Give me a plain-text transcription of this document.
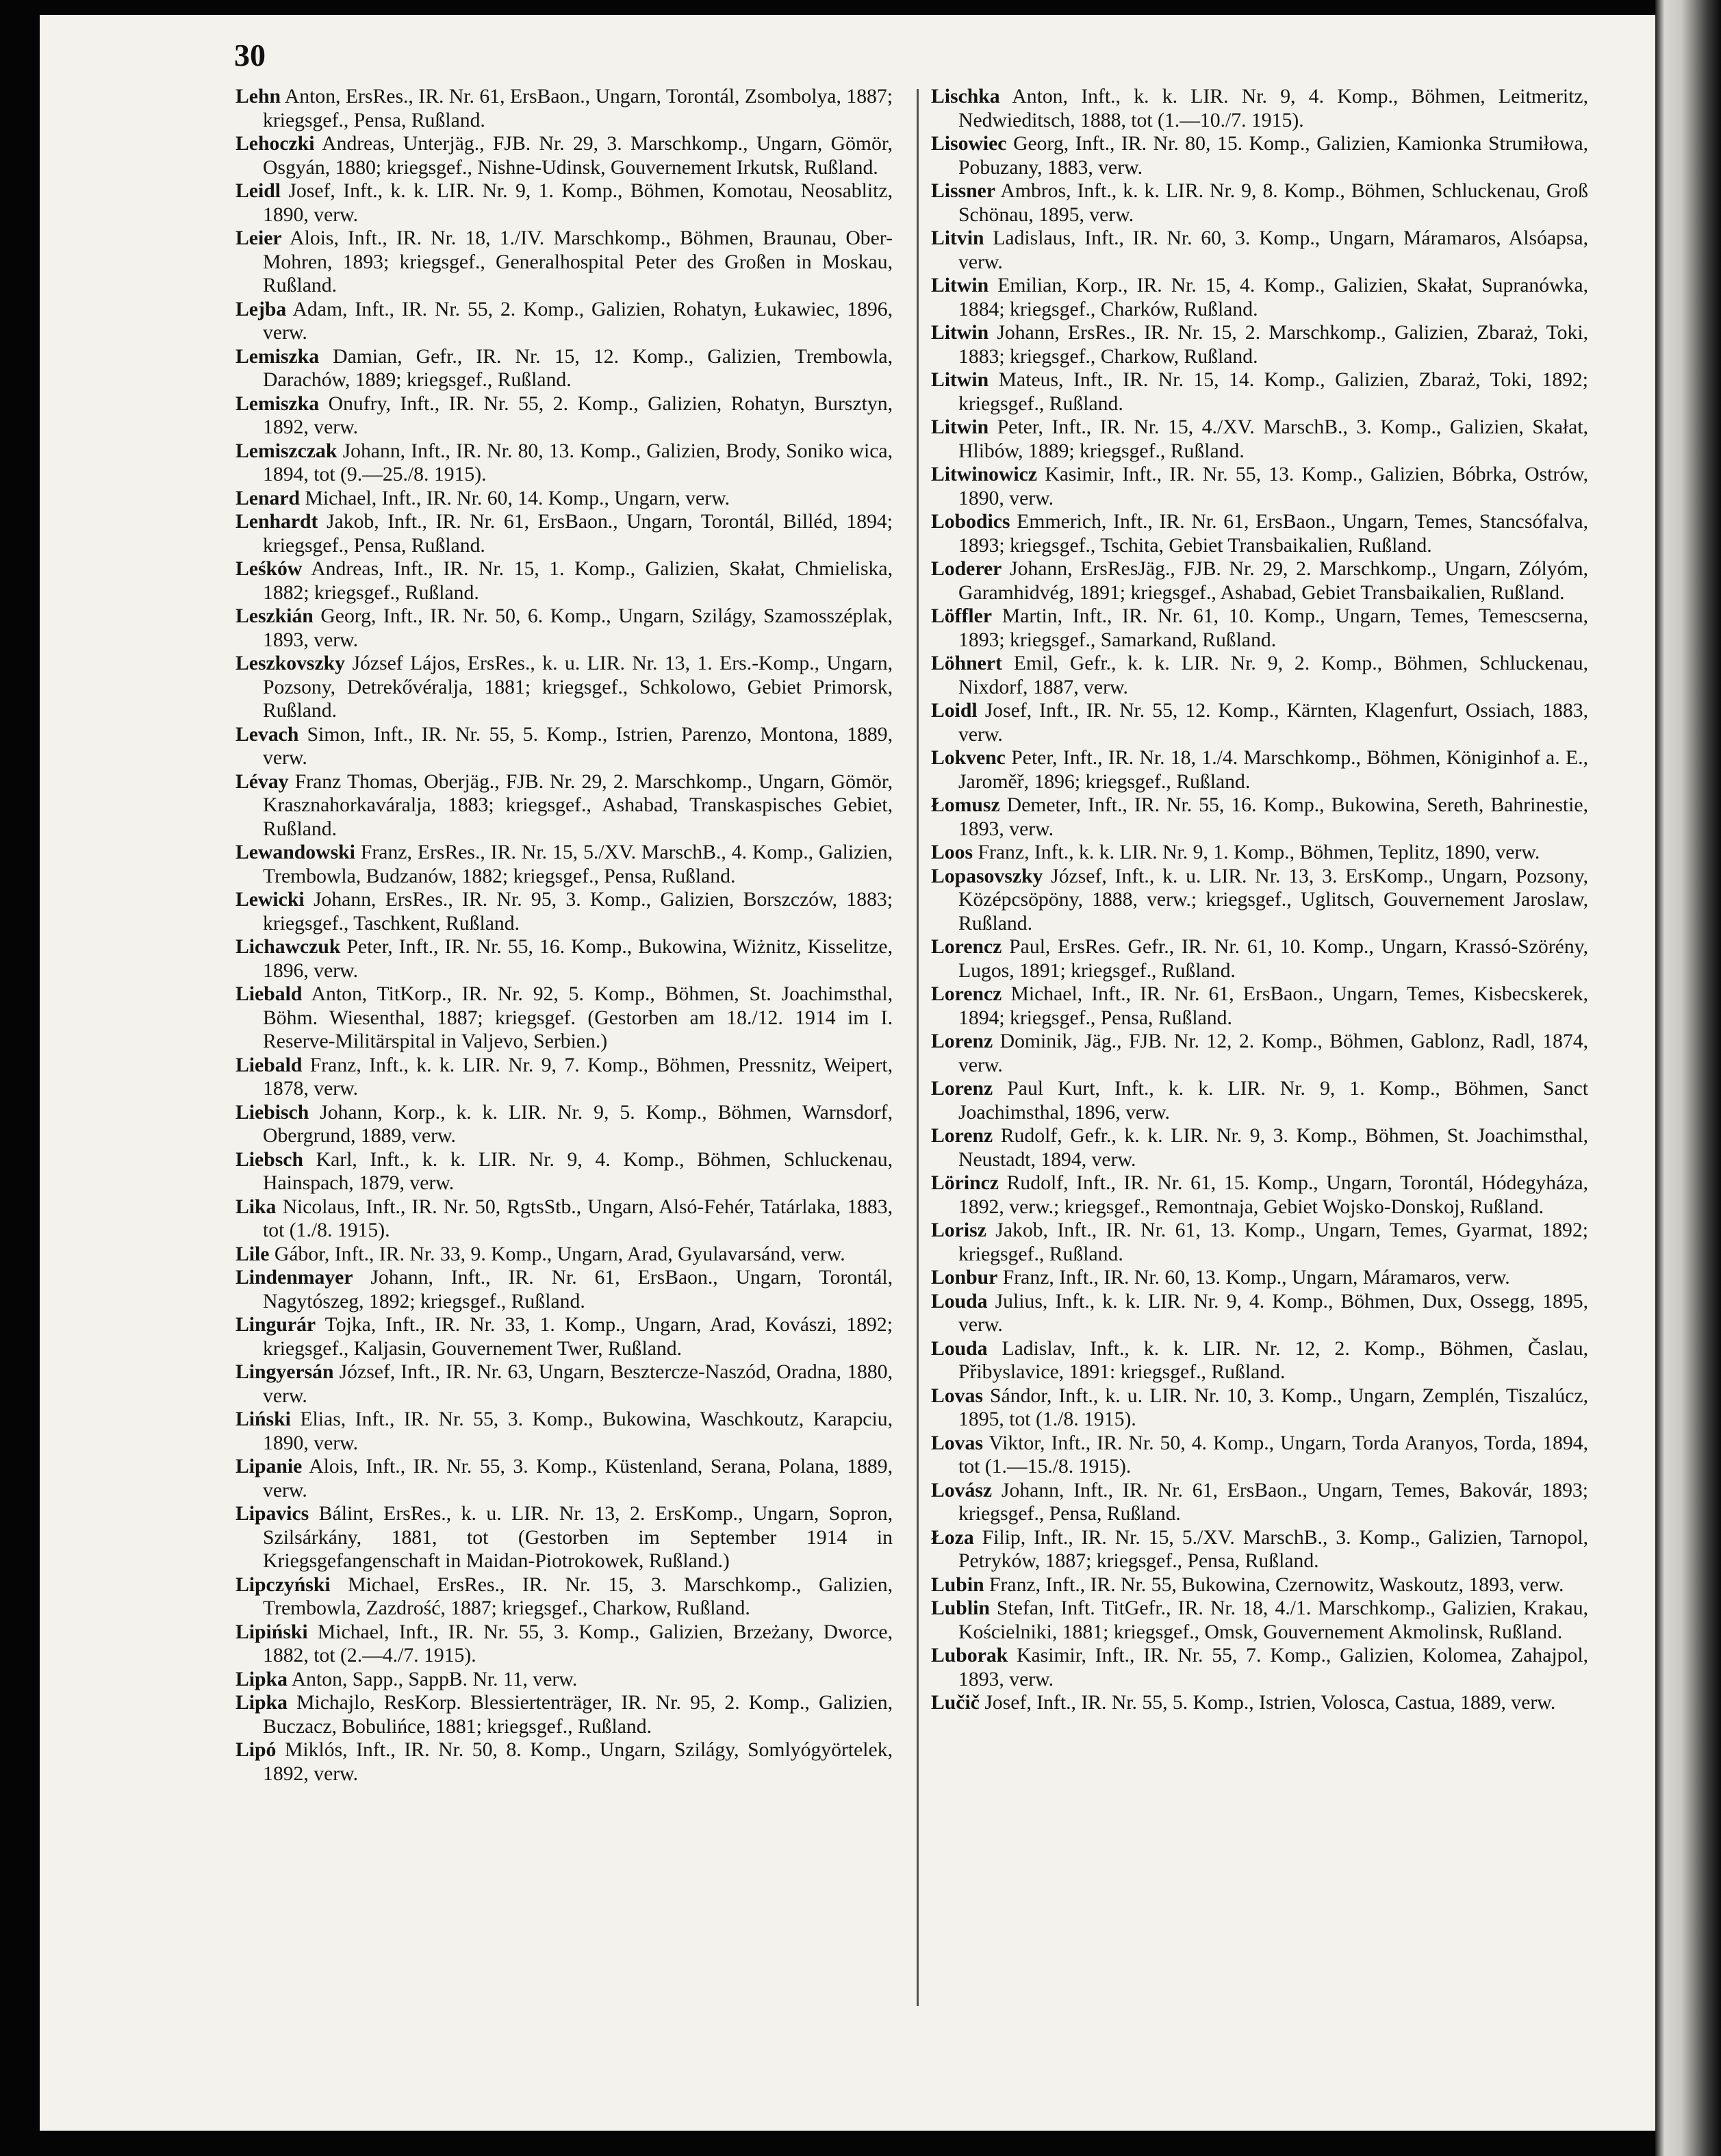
30

Lehn Anton, ErsRes., IR. Nr. 61, ErsBaon., Ungarn, Torontál, Zsombolya, 1887; kriegsgef., Pensa, Rußland.

Lehoczki Andreas, Unterjäg., FJB. Nr. 29, 3. Marschkomp., Ungarn, Gömör, Osgyán, 1880; kriegsgef., Nishne-Udinsk, Gouvernement Irkutsk, Rußland.

Leidl Josef, Inft., k. k. LIR. Nr. 9, 1. Komp., Böhmen, Komotau, Neosablitz, 1890, verw.

Leier Alois, Inft., IR. Nr. 18, 1./IV. Marschkomp., Böhmen, Braunau, Ober-Mohren, 1893; kriegsgef., Generalhospital Peter des Großen in Moskau, Rußland.

Lejba Adam, Inft., IR. Nr. 55, 2. Komp., Galizien, Rohatyn, Łukawiec, 1896, verw.

Lemiszka Damian, Gefr., IR. Nr. 15, 12. Komp., Galizien, Trembowla, Darachów, 1889; kriegsgef., Rußland.

Lemiszka Onufry, Inft., IR. Nr. 55, 2. Komp., Galizien, Rohatyn, Bursztyn, 1892, verw.

Lemiszczak Johann, Inft., IR. Nr. 80, 13. Komp., Galizien, Brody, Soniko wica, 1894, tot (9.—25./8. 1915).

Lenard Michael, Inft., IR. Nr. 60, 14. Komp., Ungarn, verw.

Lenhardt Jakob, Inft., IR. Nr. 61, ErsBaon., Ungarn, Torontál, Billéd, 1894; kriegsgef., Pensa, Rußland.

Leśków Andreas, Inft., IR. Nr. 15, 1. Komp., Galizien, Skałat, Chmieliska, 1882; kriegsgef., Rußland.

Leszkián Georg, Inft., IR. Nr. 50, 6. Komp., Ungarn, Szilágy, Szamosszéplak, 1893, verw.

Leszkovszky József Lájos, ErsRes., k. u. LIR. Nr. 13, 1. Ers.-Komp., Ungarn, Pozsony, Detrekővéralja, 1881; kriegsgef., Schkolowo, Gebiet Primorsk, Rußland.

Levach Simon, Inft., IR. Nr. 55, 5. Komp., Istrien, Parenzo, Montona, 1889, verw.

Lévay Franz Thomas, Oberjäg., FJB. Nr. 29, 2. Marschkomp., Ungarn, Gömör, Krasznahorkaváralja, 1883; kriegsgef., Ashabad, Transkaspisches Gebiet, Rußland.

Lewandowski Franz, ErsRes., IR. Nr. 15, 5./XV. MarschB., 4. Komp., Galizien, Trembowla, Budzanów, 1882; kriegsgef., Pensa, Rußland.

Lewicki Johann, ErsRes., IR. Nr. 95, 3. Komp., Galizien, Borszczów, 1883; kriegsgef., Taschkent, Rußland.

Lichawczuk Peter, Inft., IR. Nr. 55, 16. Komp., Bukowina, Wiżnitz, Kisselitze, 1896, verw.

Liebald Anton, TitKorp., IR. Nr. 92, 5. Komp., Böhmen, St. Joachimsthal, Böhm. Wiesenthal, 1887; kriegsgef. (Gestorben am 18./12. 1914 im I. Reserve-Militärspital in Valjevo, Serbien.)

Liebald Franz, Inft., k. k. LIR. Nr. 9, 7. Komp., Böhmen, Pressnitz, Weipert, 1878, verw.

Liebisch Johann, Korp., k. k. LIR. Nr. 9, 5. Komp., Böhmen, Warnsdorf, Obergrund, 1889, verw.

Liebsch Karl, Inft., k. k. LIR. Nr. 9, 4. Komp., Böhmen, Schluckenau, Hainspach, 1879, verw.

Lika Nicolaus, Inft., IR. Nr. 50, RgtsStb., Ungarn, Alsó-Fehér, Tatárlaka, 1883, tot (1./8. 1915).

Lile Gábor, Inft., IR. Nr. 33, 9. Komp., Ungarn, Arad, Gyulavarsánd, verw.

Lindenmayer Johann, Inft., IR. Nr. 61, ErsBaon., Ungarn, Torontál, Nagytószeg, 1892; kriegsgef., Rußland.

Lingurár Tojka, Inft., IR. Nr. 33, 1. Komp., Ungarn, Arad, Kovászi, 1892; kriegsgef., Kaljasin, Gouvernement Twer, Rußland.

Lingyersán József, Inft., IR. Nr. 63, Ungarn, Besztercze-Naszód, Oradna, 1880, verw.

Liński Elias, Inft., IR. Nr. 55, 3. Komp., Bukowina, Waschkoutz, Karapciu, 1890, verw.

Lipanie Alois, Inft., IR. Nr. 55, 3. Komp., Küstenland, Serana, Polana, 1889, verw.

Lipavics Bálint, ErsRes., k. u. LIR. Nr. 13, 2. ErsKomp., Ungarn, Sopron, Szilsárkány, 1881, tot (Gestorben im September 1914 in Kriegsgefangenschaft in Maidan-Piotrokowek, Rußland.)

Lipczyński Michael, ErsRes., IR. Nr. 15, 3. Marschkomp., Galizien, Trembowla, Zazdrość, 1887; kriegsgef., Charkow, Rußland.

Lipiński Michael, Inft., IR. Nr. 55, 3. Komp., Galizien, Brzeżany, Dworce, 1882, tot (2.—4./7. 1915).

Lipka Anton, Sapp., SappB. Nr. 11, verw.

Lipka Michajlo, ResKorp. Blessiertenträger, IR. Nr. 95, 2. Komp., Galizien, Buczacz, Bobulińce, 1881; kriegsgef., Rußland.

Lipó Miklós, Inft., IR. Nr. 50, 8. Komp., Ungarn, Szilágy, Somlyógyörtelek, 1892, verw.

Lischka Anton, Inft., k. k. LIR. Nr. 9, 4. Komp., Böhmen, Leitmeritz, Nedwieditsch, 1888, tot (1.—10./7. 1915).

Lisowiec Georg, Inft., IR. Nr. 80, 15. Komp., Galizien, Kamionka Strumiłowa, Pobuzany, 1883, verw.

Lissner Ambros, Inft., k. k. LIR. Nr. 9, 8. Komp., Böhmen, Schluckenau, Groß Schönau, 1895, verw.

Litvin Ladislaus, Inft., IR. Nr. 60, 3. Komp., Ungarn, Máramaros, Alsóapsa, verw.

Litwin Emilian, Korp., IR. Nr. 15, 4. Komp., Galizien, Skałat, Supranówka, 1884; kriegsgef., Charków, Rußland.

Litwin Johann, ErsRes., IR. Nr. 15, 2. Marschkomp., Galizien, Zbaraż, Toki, 1883; kriegsgef., Charkow, Rußland.

Litwin Mateus, Inft., IR. Nr. 15, 14. Komp., Galizien, Zbaraż, Toki, 1892; kriegsgef., Rußland.

Litwin Peter, Inft., IR. Nr. 15, 4./XV. MarschB., 3. Komp., Galizien, Skałat, Hlibów, 1889; kriegsgef., Rußland.

Litwinowicz Kasimir, Inft., IR. Nr. 55, 13. Komp., Galizien, Bóbrka, Ostrów, 1890, verw.

Lobodics Emmerich, Inft., IR. Nr. 61, ErsBaon., Ungarn, Temes, Stancsófalva, 1893; kriegsgef., Tschita, Gebiet Transbaikalien, Rußland.

Loderer Johann, ErsResJäg., FJB. Nr. 29, 2. Marschkomp., Ungarn, Zólyóm, Garamhidvég, 1891; kriegsgef., Ashabad, Gebiet Transbaikalien, Rußland.

Löffler Martin, Inft., IR. Nr. 61, 10. Komp., Ungarn, Temes, Temescserna, 1893; kriegsgef., Samarkand, Rußland.

Löhnert Emil, Gefr., k. k. LIR. Nr. 9, 2. Komp., Böhmen, Schluckenau, Nixdorf, 1887, verw.

Loidl Josef, Inft., IR. Nr. 55, 12. Komp., Kärnten, Klagenfurt, Ossiach, 1883, verw.

Lokvenc Peter, Inft., IR. Nr. 18, 1./4. Marschkomp., Böhmen, Königinhof a. E., Jaroměř, 1896; kriegsgef., Rußland.

Łomusz Demeter, Inft., IR. Nr. 55, 16. Komp., Bukowina, Sereth, Bahrinestie, 1893, verw.

Loos Franz, Inft., k. k. LIR. Nr. 9, 1. Komp., Böhmen, Teplitz, 1890, verw.

Lopasovszky József, Inft., k. u. LIR. Nr. 13, 3. ErsKomp., Ungarn, Pozsony, Középcsöpöny, 1888, verw.; kriegsgef., Uglitsch, Gouvernement Jaroslaw, Rußland.

Lorencz Paul, ErsRes. Gefr., IR. Nr. 61, 10. Komp., Ungarn, Krassó-Szörény, Lugos, 1891; kriegsgef., Rußland.

Lorencz Michael, Inft., IR. Nr. 61, ErsBaon., Ungarn, Temes, Kisbecskerek, 1894; kriegsgef., Pensa, Rußland.

Lorenz Dominik, Jäg., FJB. Nr. 12, 2. Komp., Böhmen, Gablonz, Radl, 1874, verw.

Lorenz Paul Kurt, Inft., k. k. LIR. Nr. 9, 1. Komp., Böhmen, Sanct Joachimsthal, 1896, verw.

Lorenz Rudolf, Gefr., k. k. LIR. Nr. 9, 3. Komp., Böhmen, St. Joachimsthal, Neustadt, 1894, verw.

Lörincz Rudolf, Inft., IR. Nr. 61, 15. Komp., Ungarn, Torontál, Hódegyháza, 1892, verw.; kriegsgef., Remontnaja, Gebiet Wojsko-Donskoj, Rußland.

Lorisz Jakob, Inft., IR. Nr. 61, 13. Komp., Ungarn, Temes, Gyarmat, 1892; kriegsgef., Rußland.

Lonbur Franz, Inft., IR. Nr. 60, 13. Komp., Ungarn, Máramaros, verw.

Louda Julius, Inft., k. k. LIR. Nr. 9, 4. Komp., Böhmen, Dux, Ossegg, 1895, verw.

Louda Ladislav, Inft., k. k. LIR. Nr. 12, 2. Komp., Böhmen, Časlau, Přibyslavice, 1891: kriegsgef., Rußland.

Lovas Sándor, Inft., k. u. LIR. Nr. 10, 3. Komp., Ungarn, Zemplén, Tiszalúcz, 1895, tot (1./8. 1915).

Lovas Viktor, Inft., IR. Nr. 50, 4. Komp., Ungarn, Torda Aranyos, Torda, 1894, tot (1.—15./8. 1915).

Lovász Johann, Inft., IR. Nr. 61, ErsBaon., Ungarn, Temes, Bakovár, 1893; kriegsgef., Pensa, Rußland.

Łoza Filip, Inft., IR. Nr. 15, 5./XV. MarschB., 3. Komp., Galizien, Tarnopol, Petryków, 1887; kriegsgef., Pensa, Rußland.

Lubin Franz, Inft., IR. Nr. 55, Bukowina, Czernowitz, Waskoutz, 1893, verw.

Lublin Stefan, Inft. TitGefr., IR. Nr. 18, 4./1. Marschkomp., Galizien, Krakau, Kościelniki, 1881; kriegsgef., Omsk, Gouvernement Akmolinsk, Rußland.

Luborak Kasimir, Inft., IR. Nr. 55, 7. Komp., Galizien, Kolomea, Zahajpol, 1893, verw.

Lučič Josef, Inft., IR. Nr. 55, 5. Komp., Istrien, Volosca, Castua, 1889, verw.
